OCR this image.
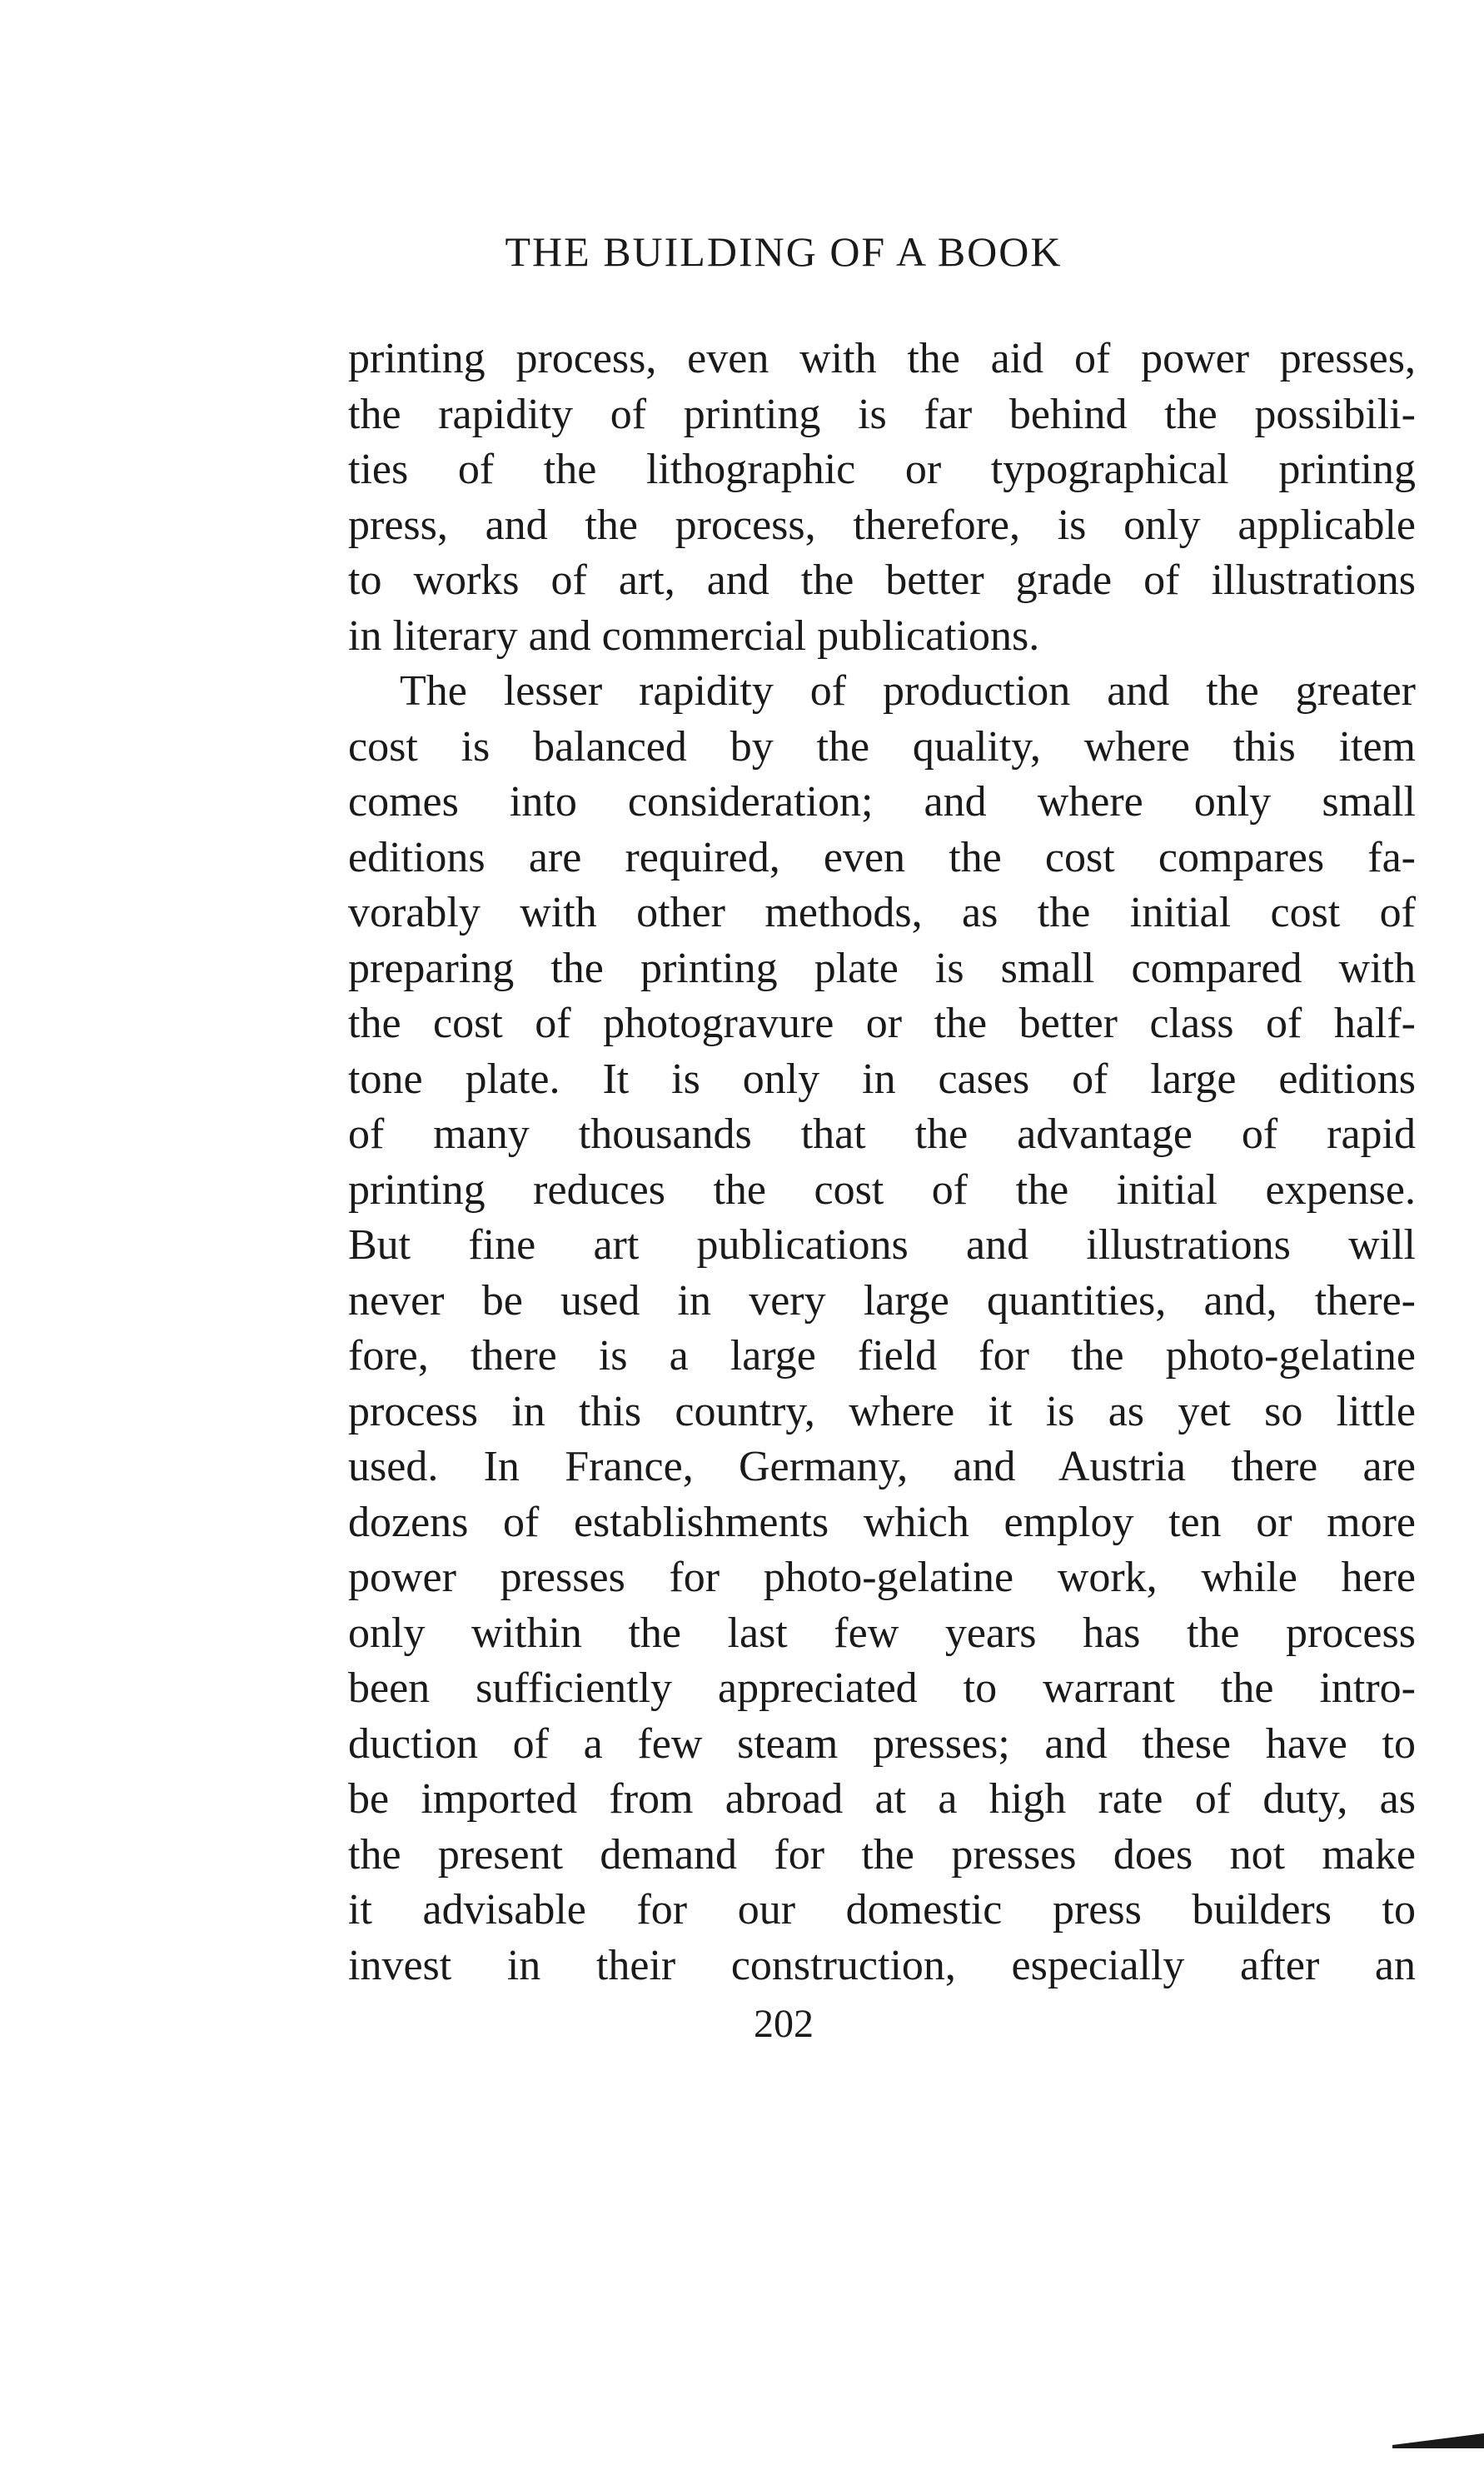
THE BUILDING OF A BOOK
printing process, even with the aid of power presses,
the rapidity of printing is far behind the possibili-
ties of the lithographic or typographical printing
press, and the process, therefore, is only applicable
to works of art, and the better grade of illustrations
in literary and commercial publications.
The lesser rapidity of production and the greater
cost is balanced by the quality, where this item
comes into consideration; and where only small
editions are required, even the cost compares fa-
vorably with other methods, as the initial cost of
preparing the printing plate is small compared with
the cost of photogravure or the better class of half-
tone plate. It is only in cases of large editions
of many thousands that the advantage of rapid
printing reduces the cost of the initial expense.
But fine art publications and illustrations will
never be used in very large quantities, and, there-
fore, there is a large field for the photo-gelatine
process in this country, where it is as yet so little
used. In France, Germany, and Austria there are
dozens of establishments which employ ten or more
power presses for photo-gelatine work, while here
only within the last few years has the process
been sufficiently appreciated to warrant the intro-
duction of a few steam presses; and these have to
be imported from abroad at a high rate of duty, as
the present demand for the presses does not make
it advisable for our domestic press builders to
invest in their construction, especially after an
202
